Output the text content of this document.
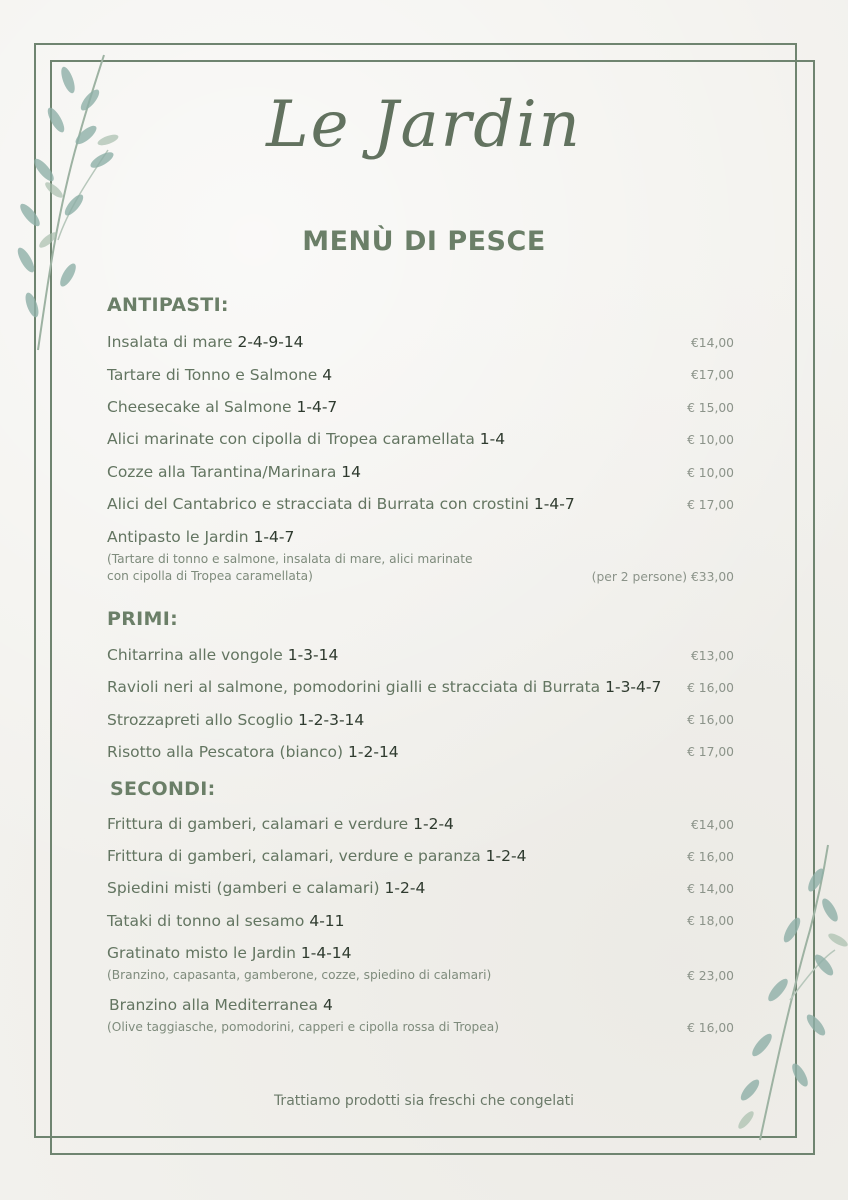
Le Jardin
MENÙ DI PESCE
ANTIPASTI:
Insalata di mare 2-4-9-14	€14,00
Tartare di Tonno e Salmone 4	€17,00
Cheesecake al Salmone 1-4-7	€ 15,00
Alici marinate con cipolla di Tropea caramellata 1-4	€ 10,00
Cozze alla Tarantina/Marinara 14	€ 10,00
Alici del Cantabrico e stracciata di Burrata con crostini 1-4-7	€ 17,00
Antipasto le Jardin 1-4-7
(Tartare di tonno e salmone, insalata di mare, alici marinate
con cipolla di Tropea caramellata)	(per 2 persone) €33,00
PRIMI:
Chitarrina alle vongole 1-3-14	€13,00
Ravioli neri al salmone, pomodorini gialli e stracciata di Burrata 1-3-4-7 € 16,00
Strozzapreti allo Scoglio 1-2-3-14	€ 16,00
Risotto alla Pescatora (bianco) 1-2-14	€ 17,00
SECONDI:
Frittura di gamberi, calamari e verdure 1-2-4	€14,00
Frittura di gamberi, calamari, verdure e paranza 1-2-4	€ 16,00
Spiedini misti (gamberi e calamari) 1-2-4	€ 14,00
Tataki di tonno al sesamo 4-11	€ 18,00
Gratinato misto le Jardin 1-4-14
(Branzino, capasanta, gamberone, cozze, spiedino di calamari)	€ 23,00
Branzino alla Mediterranea 4
(Olive taggiasche, pomodorini, capperi e cipolla rossa di Tropea)	€ 16,00
Trattiamo prodotti sia freschi che congelati
